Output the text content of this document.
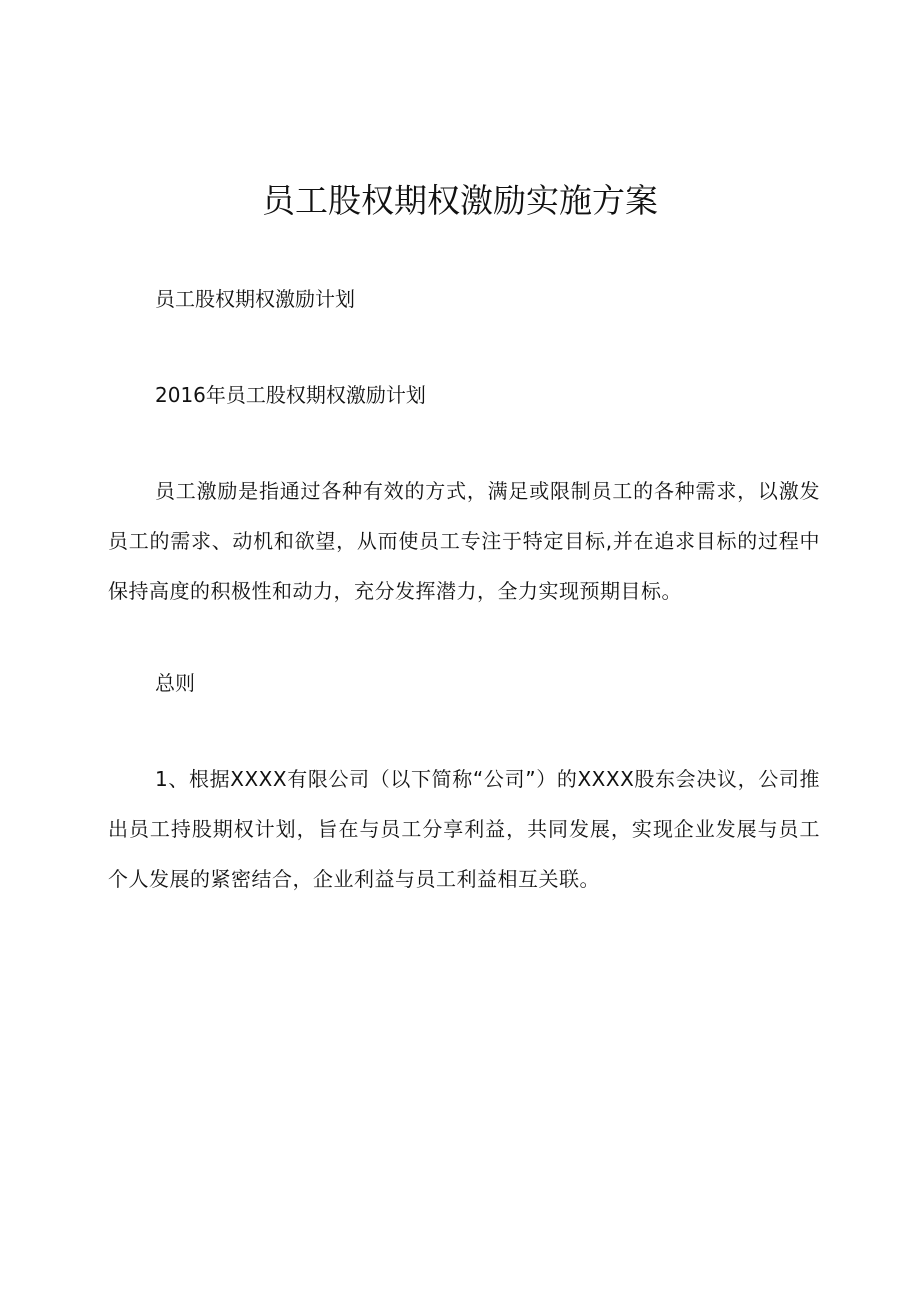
员工股权期权激励实施方案

员工股权期权激励计划

2016年员工股权期权激励计划

员工激励是指通过各种有效的方式，满足或限制员工的各种需求，以激发员工的需求、动机和欲望，从而使员工专注于特定目标,并在追求目标的过程中保持高度的积极性和动力，充分发挥潜力，全力实现预期目标。

总则

1、根据XXXX有限公司（以下简称“公司”）的XXXX股东会决议，公司推出员工持股期权计划，旨在与员工分享利益，共同发展，实现企业发展与员工个人发展的紧密结合，企业利益与员工利益相互关联。
